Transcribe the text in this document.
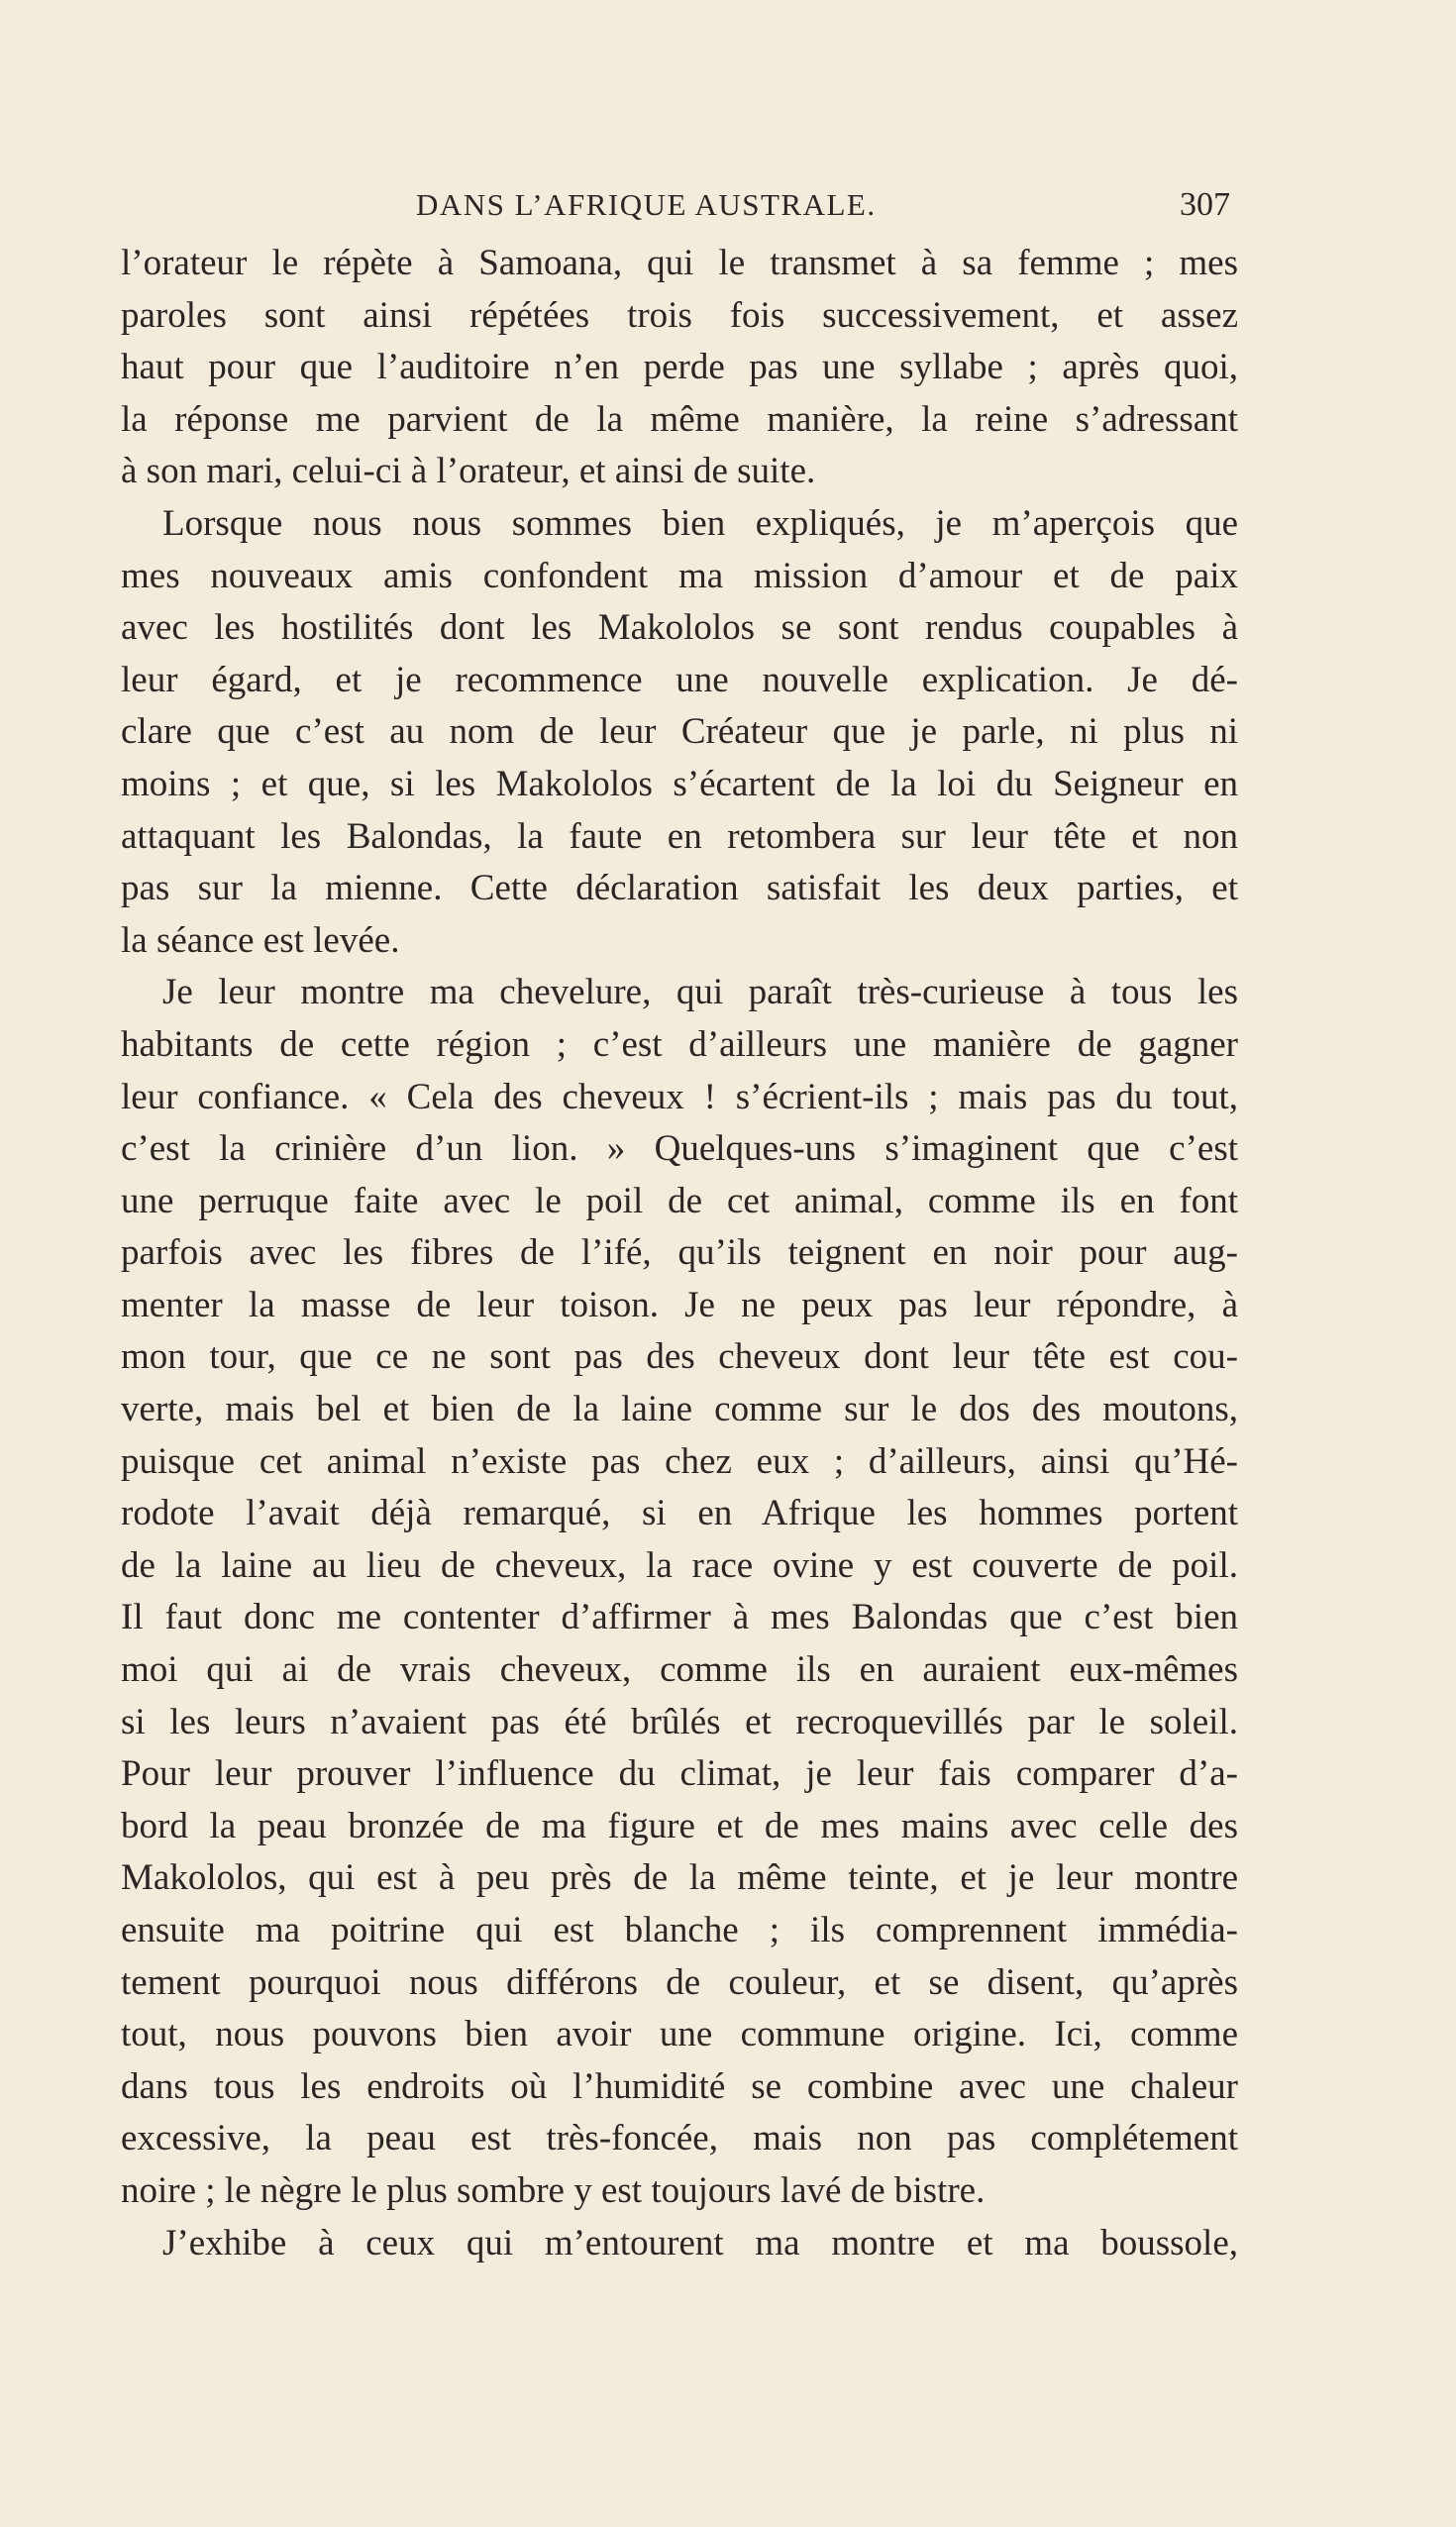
DANS L’AFRIQUE AUSTRALE.	307
l’orateur le répète à Samoana, qui le transmet à sa femme ; mes
paroles sont ainsi répétées trois fois successivement, et assez
haut pour que l’auditoire n’en perde pas une syllabe ; après quoi,
la réponse me parvient de la même manière, la reine s’adressant
à son mari, celui-ci à l’orateur, et ainsi de suite.
Lorsque nous nous sommes bien expliqués, je m’aperçois que
mes nouveaux amis confondent ma mission d’amour et de paix
avec les hostilités dont les Makololos se sont rendus coupables à
leur égard, et je recommence une nouvelle explication. Je dé-
clare que c’est au nom de leur Créateur que je parle, ni plus ni
moins ; et que, si les Makololos s’écartent de la loi du Seigneur en
attaquant les Balondas, la faute en retombera sur leur tête et non
pas sur la mienne. Cette déclaration satisfait les deux parties, et
la séance est levée.
Je leur montre ma chevelure, qui paraît très-curieuse à tous les
habitants de cette région ; c’est d’ailleurs une manière de gagner
leur confiance. « Cela des cheveux ! s’écrient-ils ; mais pas du tout,
c’est la crinière d’un lion. » Quelques-uns s’imaginent que c’est
une perruque faite avec le poil de cet animal, comme ils en font
parfois avec les fibres de l’ifé, qu’ils teignent en noir pour aug-
menter la masse de leur toison. Je ne peux pas leur répondre, à
mon tour, que ce ne sont pas des cheveux dont leur tête est cou-
verte, mais bel et bien de la laine comme sur le dos des moutons,
puisque cet animal n’existe pas chez eux ; d’ailleurs, ainsi qu’Hé-
rodote l’avait déjà remarqué, si en Afrique les hommes portent
de la laine au lieu de cheveux, la race ovine y est couverte de poil.
Il faut donc me contenter d’affirmer à mes Balondas que c’est bien
moi qui ai de vrais cheveux, comme ils en auraient eux-mêmes
si les leurs n’avaient pas été brûlés et recroquevillés par le soleil.
Pour leur prouver l’influence du climat, je leur fais comparer d’a-
bord la peau bronzée de ma figure et de mes mains avec celle des
Makololos, qui est à peu près de la même teinte, et je leur montre
ensuite ma poitrine qui est blanche ; ils comprennent immédia-
tement pourquoi nous différons de couleur, et se disent, qu’après
tout, nous pouvons bien avoir une commune origine. Ici, comme
dans tous les endroits où l’humidité se combine avec une chaleur
excessive, la peau est très-foncée, mais non pas complétement
noire ; le nègre le plus sombre y est toujours lavé de bistre.
J’exhibe à ceux qui m’entourent ma montre et ma boussole,
